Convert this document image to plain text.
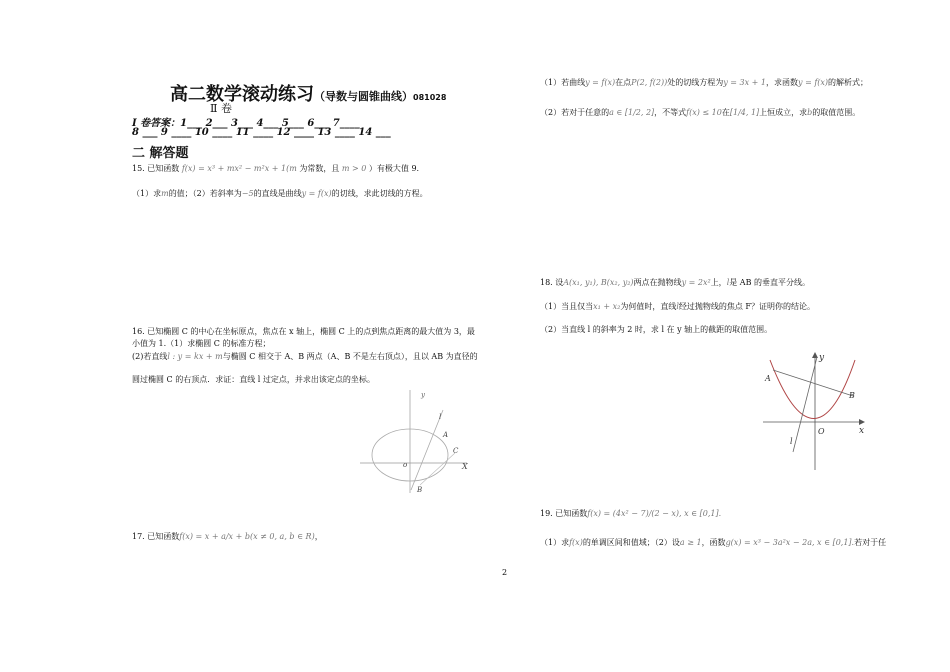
高二数学滚动练习（导数与圆锥曲线）081028
Ⅱ 卷
Ⅰ 卷答案：1___ 2___ 3___ 4___ 5___ 6___ 7____
8 ___ 9 ____ 10 ____ 11 ____ 12 ____ 13 ____ 14 ___
二 解答题
15. 已知函数 f(x) = x³ + mx² − m²x + 1(m 为常数，且 m > 0 ）有极大值 9.
（1）求m的值；（2）若斜率为−5的直线是曲线y = f(x)的切线，求此切线的方程。
16. 已知椭圆 C 的中心在坐标原点，焦点在 x 轴上，椭圆 C 上的点到焦点距离的最大值为 3，最
小值为 1.（1）求椭圆 C 的标准方程；
(2)若直线l : y = kx + m与椭圆 C 相交于 A、B 两点（A、B 不是左右顶点），且以 AB 为直径的
圆过椭圆 C 的右顶点．求证：直线 l 过定点，并求出该定点的坐标。
y
X
o
l
A
C
B
17. 已知函数f(x) = x + a/x + b(x ≠ 0, a, b ∈ R)，
（1）若曲线y = f(x)在点P(2, f(2))处的切线方程为y = 3x + 1，求函数y = f(x)的解析式；
（2）若对于任意的a ∈ [1/2, 2]，不等式f(x) ≤ 10在[1/4, 1]上恒成立，求b的取值范围。
18. 设A(x₁, y₁), B(x₂, y₂)两点在抛物线y = 2x²上，l是 AB 的垂直平分线。
（1）当且仅当x₁ + x₂为何值时，直线l经过抛物线的焦点 F？证明你的结论。
（2）当直线 l 的斜率为 2 时，求 l 在 y 轴上的截距的取值范围。
y
x
O
A
B
l
19. 已知函数f(x) = (4x² − 7)/(2 − x), x ∈ [0,1].
（1）求f(x)的单调区间和值域；（2）设a ≥ 1，函数g(x) = x³ − 3a²x − 2a, x ∈ [0,1].若对于任
2
